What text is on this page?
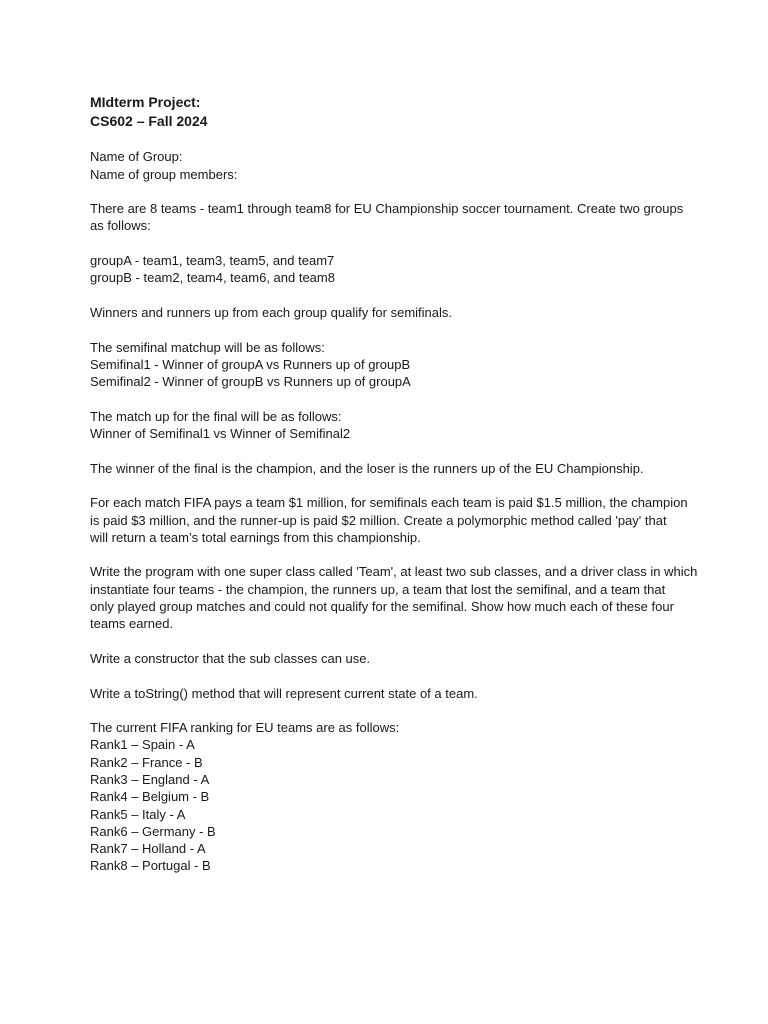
MIdterm Project:
CS602 – Fall 2024
Name of Group:
Name of group members:
There are 8 teams - team1 through team8 for EU Championship soccer tournament. Create two groups
as follows:
groupA - team1, team3, team5, and team7
groupB - team2, team4, team6, and team8
Winners and runners up from each group qualify for semifinals.
The semifinal matchup will be as follows:
Semifinal1 - Winner of groupA vs Runners up of groupB
Semifinal2 - Winner of groupB vs Runners up of groupA
The match up for the final will be as follows:
Winner of Semifinal1 vs Winner of Semifinal2
The winner of the final is the champion, and the loser is the runners up of the EU Championship.
For each match FIFA pays a team $1 million, for semifinals each team is paid $1.5 million, the champion
is paid $3 million, and the runner-up is paid $2 million. Create a polymorphic method called 'pay' that
will return a team’s total earnings from this championship.
Write the program with one super class called 'Team', at least two sub classes, and a driver class in which
instantiate four teams - the champion, the runners up, a team that lost the semifinal, and a team that
only played group matches and could not qualify for the semifinal. Show how much each of these four
teams earned.
Write a constructor that the sub classes can use.
Write a toString() method that will represent current state of a team.
The current FIFA ranking for EU teams are as follows:
Rank1 – Spain - A
Rank2 – France - B
Rank3 – England - A
Rank4 – Belgium - B
Rank5 – Italy - A
Rank6 – Germany - B
Rank7 – Holland - A
Rank8 – Portugal - B
